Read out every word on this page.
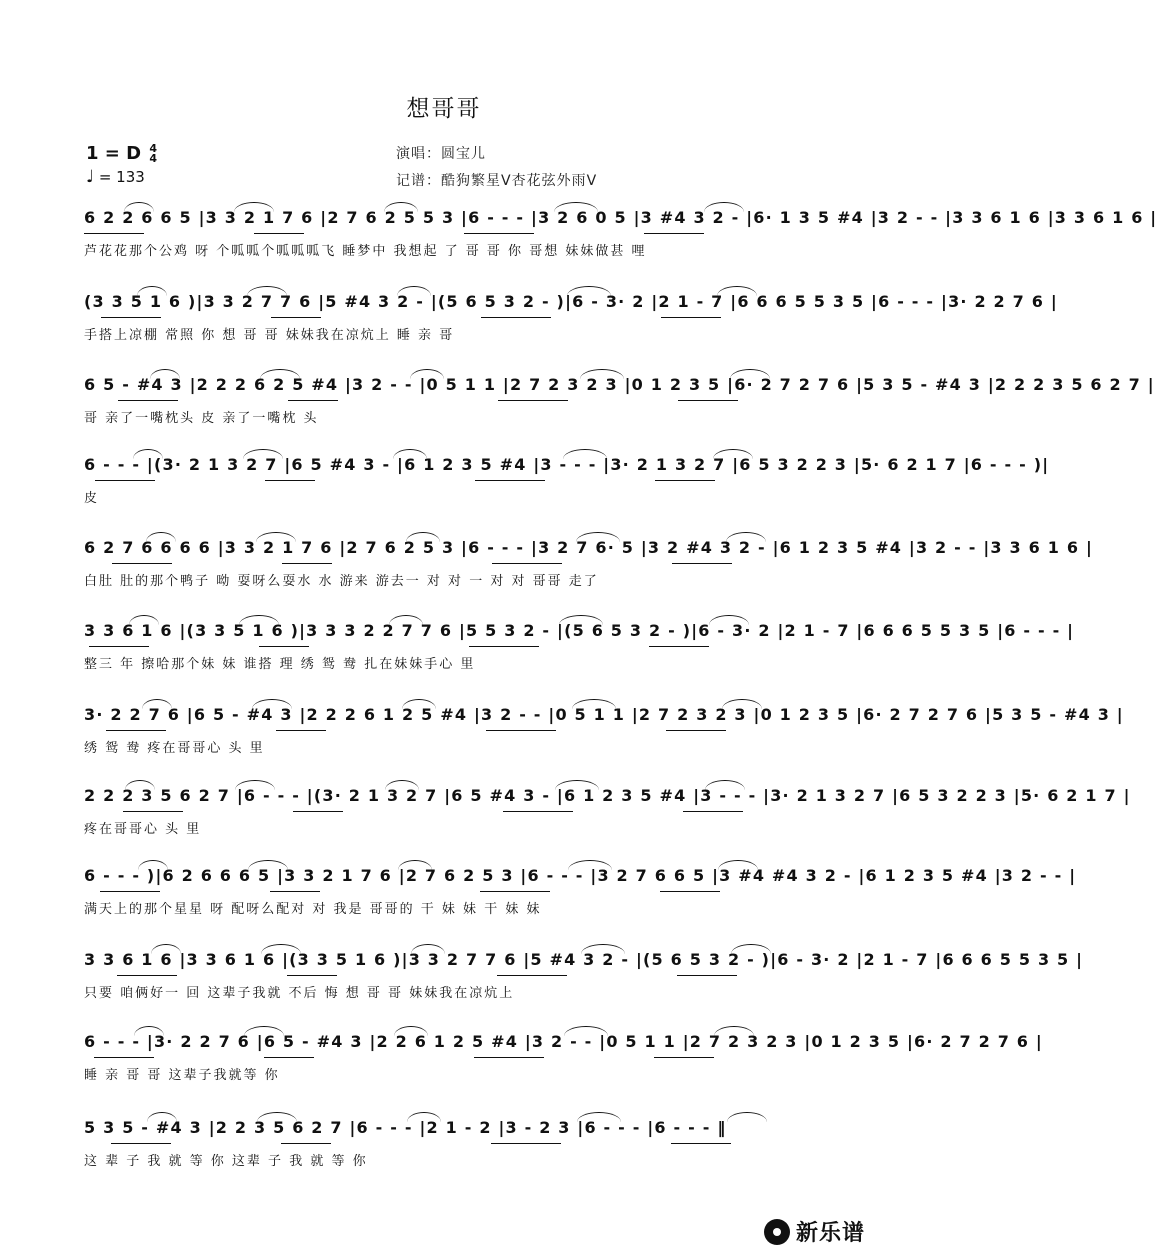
想哥哥
1 = D 4
4
♩ = 133
演唱：圆宝儿
记谱：酷狗繁星V杏花弦外雨V
6 2 2 6 6 5 |3 3 2 1 7 6 |2 7 6 2 5 5 3 |6 - - - |3 2 6 0 5 |3 #4 3 2 - |6· 1 3 5 #4 |3 2 - - |3 3 6 1 6 |3 3 6 1 6 |
芦花花那个公鸡 呀 个呱呱个呱呱呱飞 睡梦中 我想起 了 哥 哥 你 哥想 妹妹做甚 哩
(3 3 5 1 6 )|3 3 2 7 7 6 |5 #4 3 2 - |(5 6 5 3 2 - )|6 - 3· 2 |2 1 - 7 |6 6 6 5 5 3 5 |6 - - - |3· 2 2 7 6 |
手搭上凉棚 常照 你 想 哥 哥 妹妹我在凉炕上 睡 亲 哥
6 5 - #4 3 |2 2 2 6 2 5 #4 |3 2 - - |0 5 1 1 |2 7 2 3 2 3 |0 1 2 3 5 |6· 2 7 2 7 6 |5 3 5 - #4 3 |2 2 2 3 5 6 2 7 |
哥 亲了一嘴枕头 皮 亲了一嘴枕 头
6 - - - |(3· 2 1 3 2 7 |6 5 #4 3 - |6 1 2 3 5 #4 |3 - - - |3· 2 1 3 2 7 |6 5 3 2 2 3 |5· 6 2 1 7 |6 - - - )|
皮
6 2 7 6 6 6 6 |3 3 2 1 7 6 |2 7 6 2 5 3 |6 - - - |3 2 7 6· 5 |3 2 #4 3 2 - |6 1 2 3 5 #4 |3 2 - - |3 3 6 1 6 |
白肚 肚的那个鸭子 呦 耍呀么耍水 水 游来 游去一 对 对 一 对 对 哥哥 走了
3 3 6 1 6 |(3 3 5 1 6 )|3 3 3 2 2 7 7 6 |5 5 3 2 - |(5 6 5 3 2 - )|6 - 3· 2 |2 1 - 7 |6 6 6 5 5 3 5 |6 - - - |
整三 年 擦哈那个妹 妹 谁搭 理 绣 鸳 鸯 扎在妹妹手心 里
3· 2 2 7 6 |6 5 - #4 3 |2 2 2 6 1 2 5 #4 |3 2 - - |0 5 1 1 |2 7 2 3 2 3 |0 1 2 3 5 |6· 2 7 2 7 6 |5 3 5 - #4 3 |
绣 鸳 鸯 疼在哥哥心 头 里
2 2 2 3 5 6 2 7 |6 - - - |(3· 2 1 3 2 7 |6 5 #4 3 - |6 1 2 3 5 #4 |3 - - - |3· 2 1 3 2 7 |6 5 3 2 2 3 |5· 6 2 1 7 |
疼在哥哥心 头 里
6 - - - )|6 2 6 6 6 5 |3 3 2 1 7 6 |2 7 6 2 5 3 |6 - - - |3 2 7 6 6 5 |3 #4 #4 3 2 - |6 1 2 3 5 #4 |3 2 - - |
满天上的那个星星 呀 配呀么配对 对 我是 哥哥的 干 妹 妹 干 妹 妹
3 3 6 1 6 |3 3 6 1 6 |(3 3 5 1 6 )|3 3 2 7 7 6 |5 #4 3 2 - |(5 6 5 3 2 - )|6 - 3· 2 |2 1 - 7 |6 6 6 5 5 3 5 |
只要 咱俩好一 回 这辈子我就 不后 悔 想 哥 哥 妹妹我在凉炕上
6 - - - |3· 2 2 7 6 |6 5 - #4 3 |2 2 6 1 2 5 #4 |3 2 - - |0 5 1 1 |2 7 2 3 2 3 |0 1 2 3 5 |6· 2 7 2 7 6 |
睡 亲 哥 哥 这辈子我就等 你
5 3 5 - #4 3 |2 2 3 5 6 2 7 |6 - - - |2 1 - 2 |3 - 2 3 |6 - - - |6 - - - ‖
这 辈 子 我 就 等 你 这辈 子 我 就 等 你
新乐谱
